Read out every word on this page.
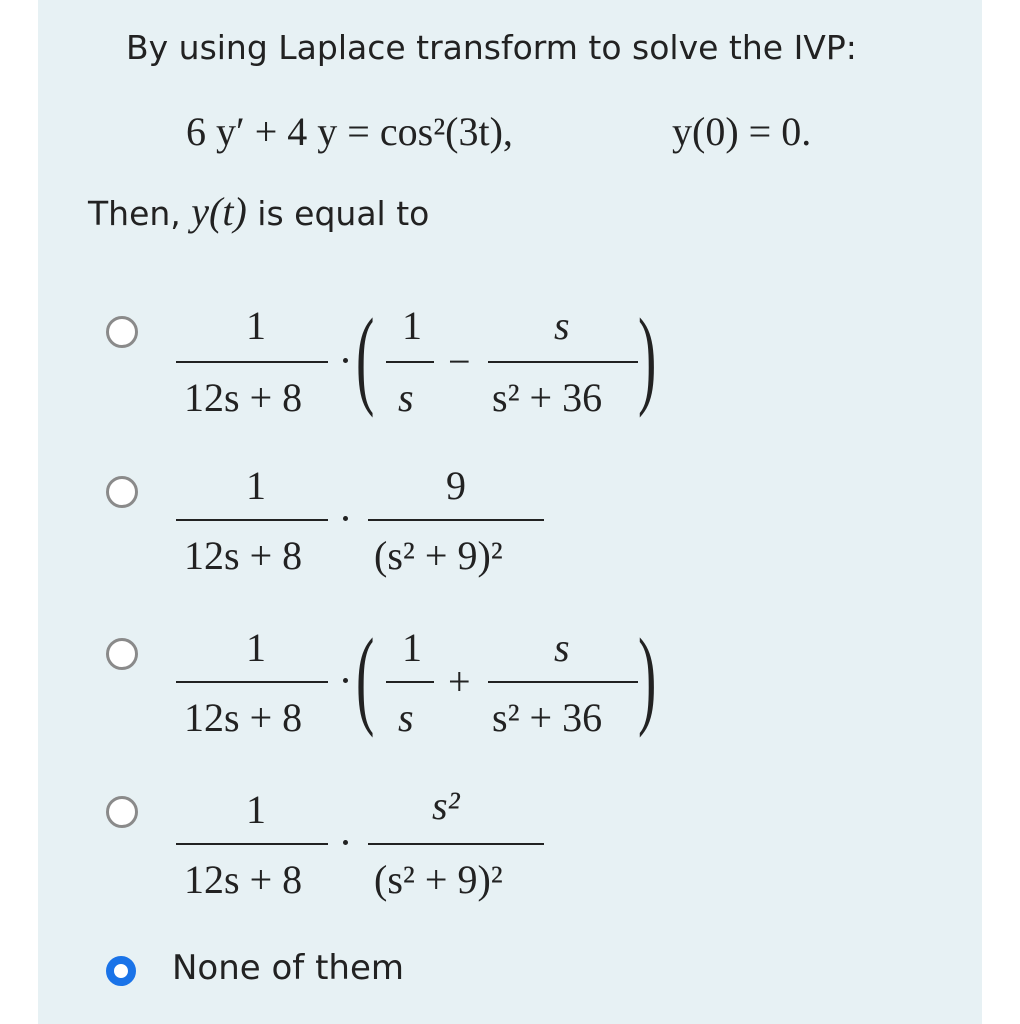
By using Laplace transform to solve the IVP:
6 y′ + 4 y = cos²(3t),	y(0) = 0.
Then, y(t) is equal to
1
12s + 8 ( 1
s
−
s
s² + 36 )
1
12s + 8
9
(s² + 9)²
1
12s + 8 ( 1
s
+
s
s² + 36 )
1
12s + 8
s²
(s² + 9)²
None of them
